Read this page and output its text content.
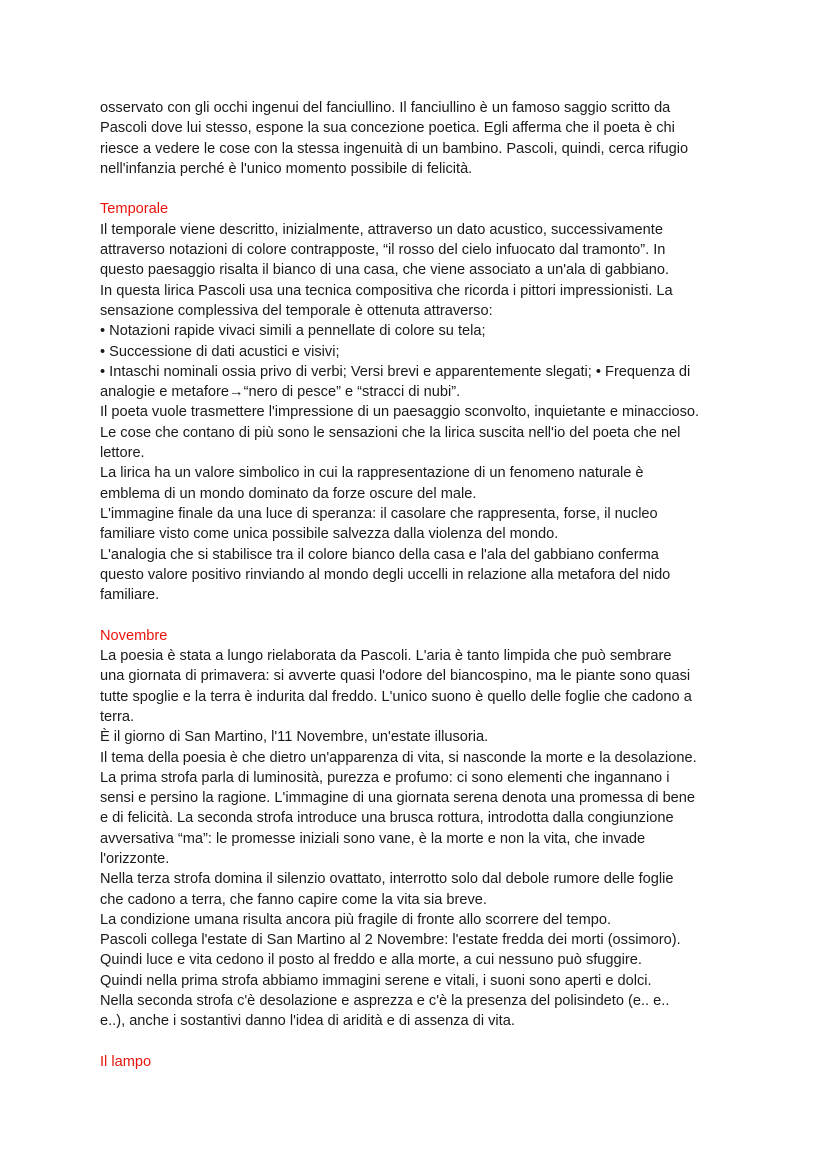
osservato con gli occhi ingenui del fanciullino. Il fanciullino è un famoso saggio scritto da
Pascoli dove lui stesso, espone la sua concezione poetica. Egli afferma che il poeta è chi
riesce a vedere le cose con la stessa ingenuità di un bambino. Pascoli, quindi, cerca rifugio
nell'infanzia perché è l'unico momento possibile di felicità.
Temporale
Il temporale viene descritto, inizialmente, attraverso un dato acustico, successivamente
attraverso notazioni di colore contrapposte, “il rosso del cielo infuocato dal tramonto”. In
questo paesaggio risalta il bianco di una casa, che viene associato a un'ala di gabbiano.
In questa lirica Pascoli usa una tecnica compositiva che ricorda i pittori impressionisti. La
sensazione complessiva del temporale è ottenuta attraverso:
• Notazioni rapide vivaci simili a pennellate di colore su tela;
• Successione di dati acustici e visivi;
• Intaschi nominali ossia privo di verbi; Versi brevi e apparentemente slegati; • Frequenza di
analogie e metafore→“nero di pesce” e “stracci di nubi”.
Il poeta vuole trasmettere l'impressione di un paesaggio sconvolto, inquietante e minaccioso.
Le cose che contano di più sono le sensazioni che la lirica suscita nell'io del poeta che nel
lettore.
La lirica ha un valore simbolico in cui la rappresentazione di un fenomeno naturale è
emblema di un mondo dominato da forze oscure del male.
L'immagine finale da una luce di speranza: il casolare che rappresenta, forse, il nucleo
familiare visto come unica possibile salvezza dalla violenza del mondo.
L'analogia che si stabilisce tra il colore bianco della casa e l'ala del gabbiano conferma
questo valore positivo rinviando al mondo degli uccelli in relazione alla metafora del nido
familiare.
Novembre
La poesia è stata a lungo rielaborata da Pascoli. L'aria è tanto limpida che può sembrare
una giornata di primavera: si avverte quasi l'odore del biancospino, ma le piante sono quasi
tutte spoglie e la terra è indurita dal freddo. L'unico suono è quello delle foglie che cadono a
terra.
È il giorno di San Martino, l'11 Novembre, un'estate illusoria.
Il tema della poesia è che dietro un'apparenza di vita, si nasconde la morte e la desolazione.
La prima strofa parla di luminosità, purezza e profumo: ci sono elementi che ingannano i
sensi e persino la ragione. L'immagine di una giornata serena denota una promessa di bene
e di felicità. La seconda strofa introduce una brusca rottura, introdotta dalla congiunzione
avversativa “ma”: le promesse iniziali sono vane, è la morte e non la vita, che invade
l'orizzonte.
Nella terza strofa domina il silenzio ovattato, interrotto solo dal debole rumore delle foglie
che cadono a terra, che fanno capire come la vita sia breve.
La condizione umana risulta ancora più fragile di fronte allo scorrere del tempo.
Pascoli collega l'estate di San Martino al 2 Novembre: l'estate fredda dei morti (ossimoro).
Quindi luce e vita cedono il posto al freddo e alla morte, a cui nessuno può sfuggire.
Quindi nella prima strofa abbiamo immagini serene e vitali, i suoni sono aperti e dolci.
Nella seconda strofa c'è desolazione e asprezza e c'è la presenza del polisindeto (e.. e..
e..), anche i sostantivi danno l'idea di aridità e di assenza di vita.
Il lampo
